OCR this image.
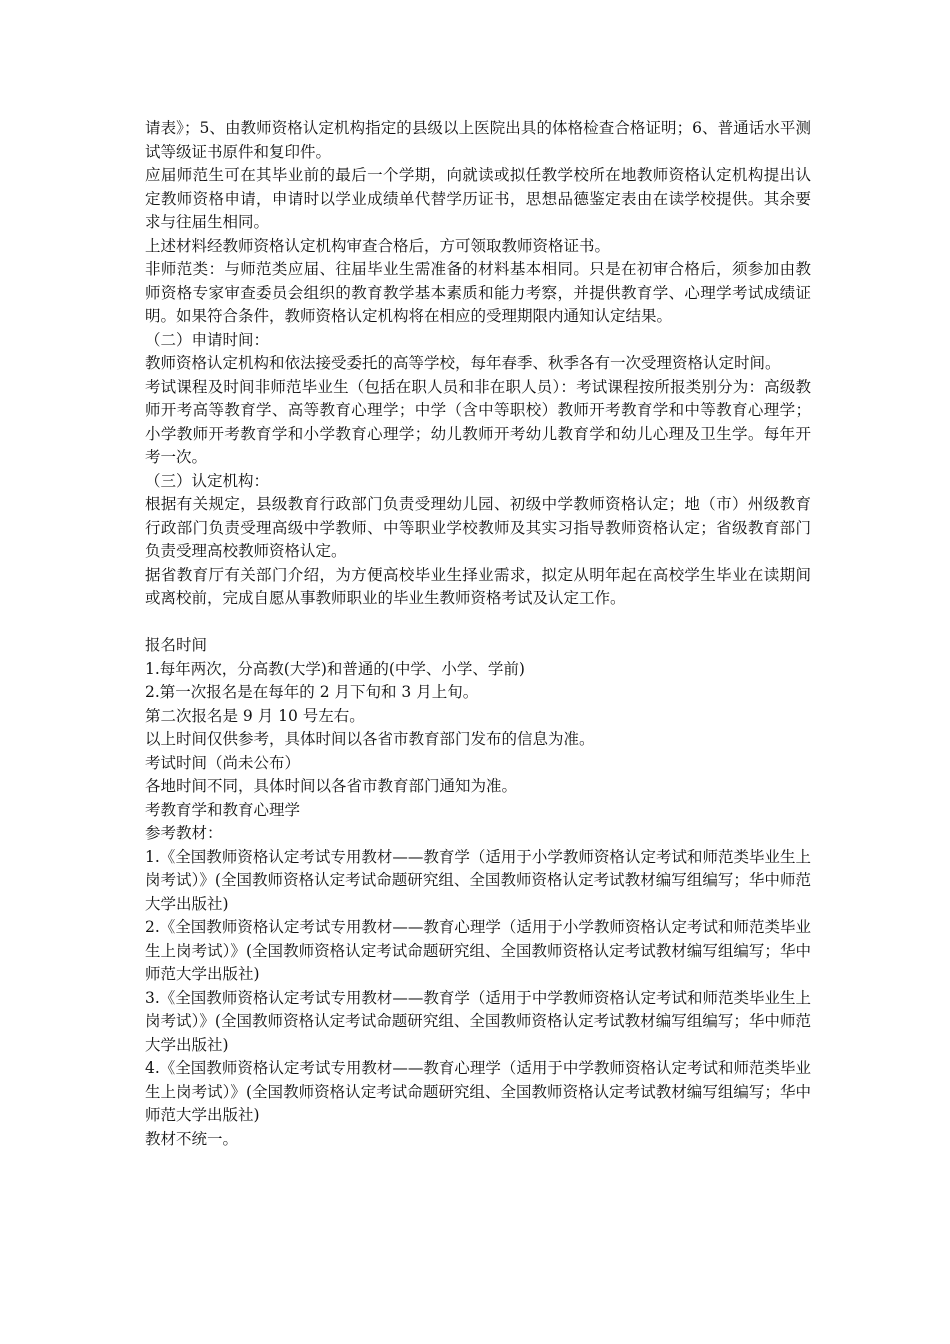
请表》；5、由教师资格认定机构指定的县级以上医院出具的体格检查合格证明；6、普通话水平测试等级证书原件和复印件。

应届师范生可在其毕业前的最后一个学期，向就读或拟任教学校所在地教师资格认定机构提出认定教师资格申请，申请时以学业成绩单代替学历证书，思想品德鉴定表由在读学校提供。其余要求与往届生相同。

上述材料经教师资格认定机构审查合格后，方可领取教师资格证书。

非师范类：与师范类应届、往届毕业生需准备的材料基本相同。只是在初审合格后，须参加由教师资格专家审查委员会组织的教育教学基本素质和能力考察，并提供教育学、心理学考试成绩证明。如果符合条件，教师资格认定机构将在相应的受理期限内通知认定结果。

（二）申请时间：

教师资格认定机构和依法接受委托的高等学校，每年春季、秋季各有一次受理资格认定时间。

考试课程及时间非师范毕业生（包括在职人员和非在职人员）：考试课程按所报类别分为：高级教师开考高等教育学、高等教育心理学；中学（含中等职校）教师开考教育学和中等教育心理学；小学教师开考教育学和小学教育心理学；幼儿教师开考幼儿教育学和幼儿心理及卫生学。每年开考一次。

（三）认定机构：

根据有关规定，县级教育行政部门负责受理幼儿园、初级中学教师资格认定；地（市）州级教育行政部门负责受理高级中学教师、中等职业学校教师及其实习指导教师资格认定；省级教育部门负责受理高校教师资格认定。

据省教育厅有关部门介绍，为方便高校毕业生择业需求，拟定从明年起在高校学生毕业在读期间或离校前，完成自愿从事教师职业的毕业生教师资格考试及认定工作。

报名时间

1.每年两次，分高教(大学)和普通的(中学、小学、学前)

2.第一次报名是在每年的 2 月下旬和 3 月上旬。

第二次报名是 9 月 10 号左右。

以上时间仅供参考，具体时间以各省市教育部门发布的信息为准。

考试时间（尚未公布）

各地时间不同，具体时间以各省市教育部门通知为准。

考教育学和教育心理学

参考教材：

1.《全国教师资格认定考试专用教材——教育学（适用于小学教师资格认定考试和师范类毕业生上岗考试）》(全国教师资格认定考试命题研究组、全国教师资格认定考试教材编写组编写；华中师范大学出版社)

2.《全国教师资格认定考试专用教材——教育心理学（适用于小学教师资格认定考试和师范类毕业生上岗考试）》(全国教师资格认定考试命题研究组、全国教师资格认定考试教材编写组编写；华中师范大学出版社)

3.《全国教师资格认定考试专用教材——教育学（适用于中学教师资格认定考试和师范类毕业生上岗考试）》(全国教师资格认定考试命题研究组、全国教师资格认定考试教材编写组编写；华中师范大学出版社)

4.《全国教师资格认定考试专用教材——教育心理学（适用于中学教师资格认定考试和师范类毕业生上岗考试）》(全国教师资格认定考试命题研究组、全国教师资格认定考试教材编写组编写；华中师范大学出版社)

教材不统一。
